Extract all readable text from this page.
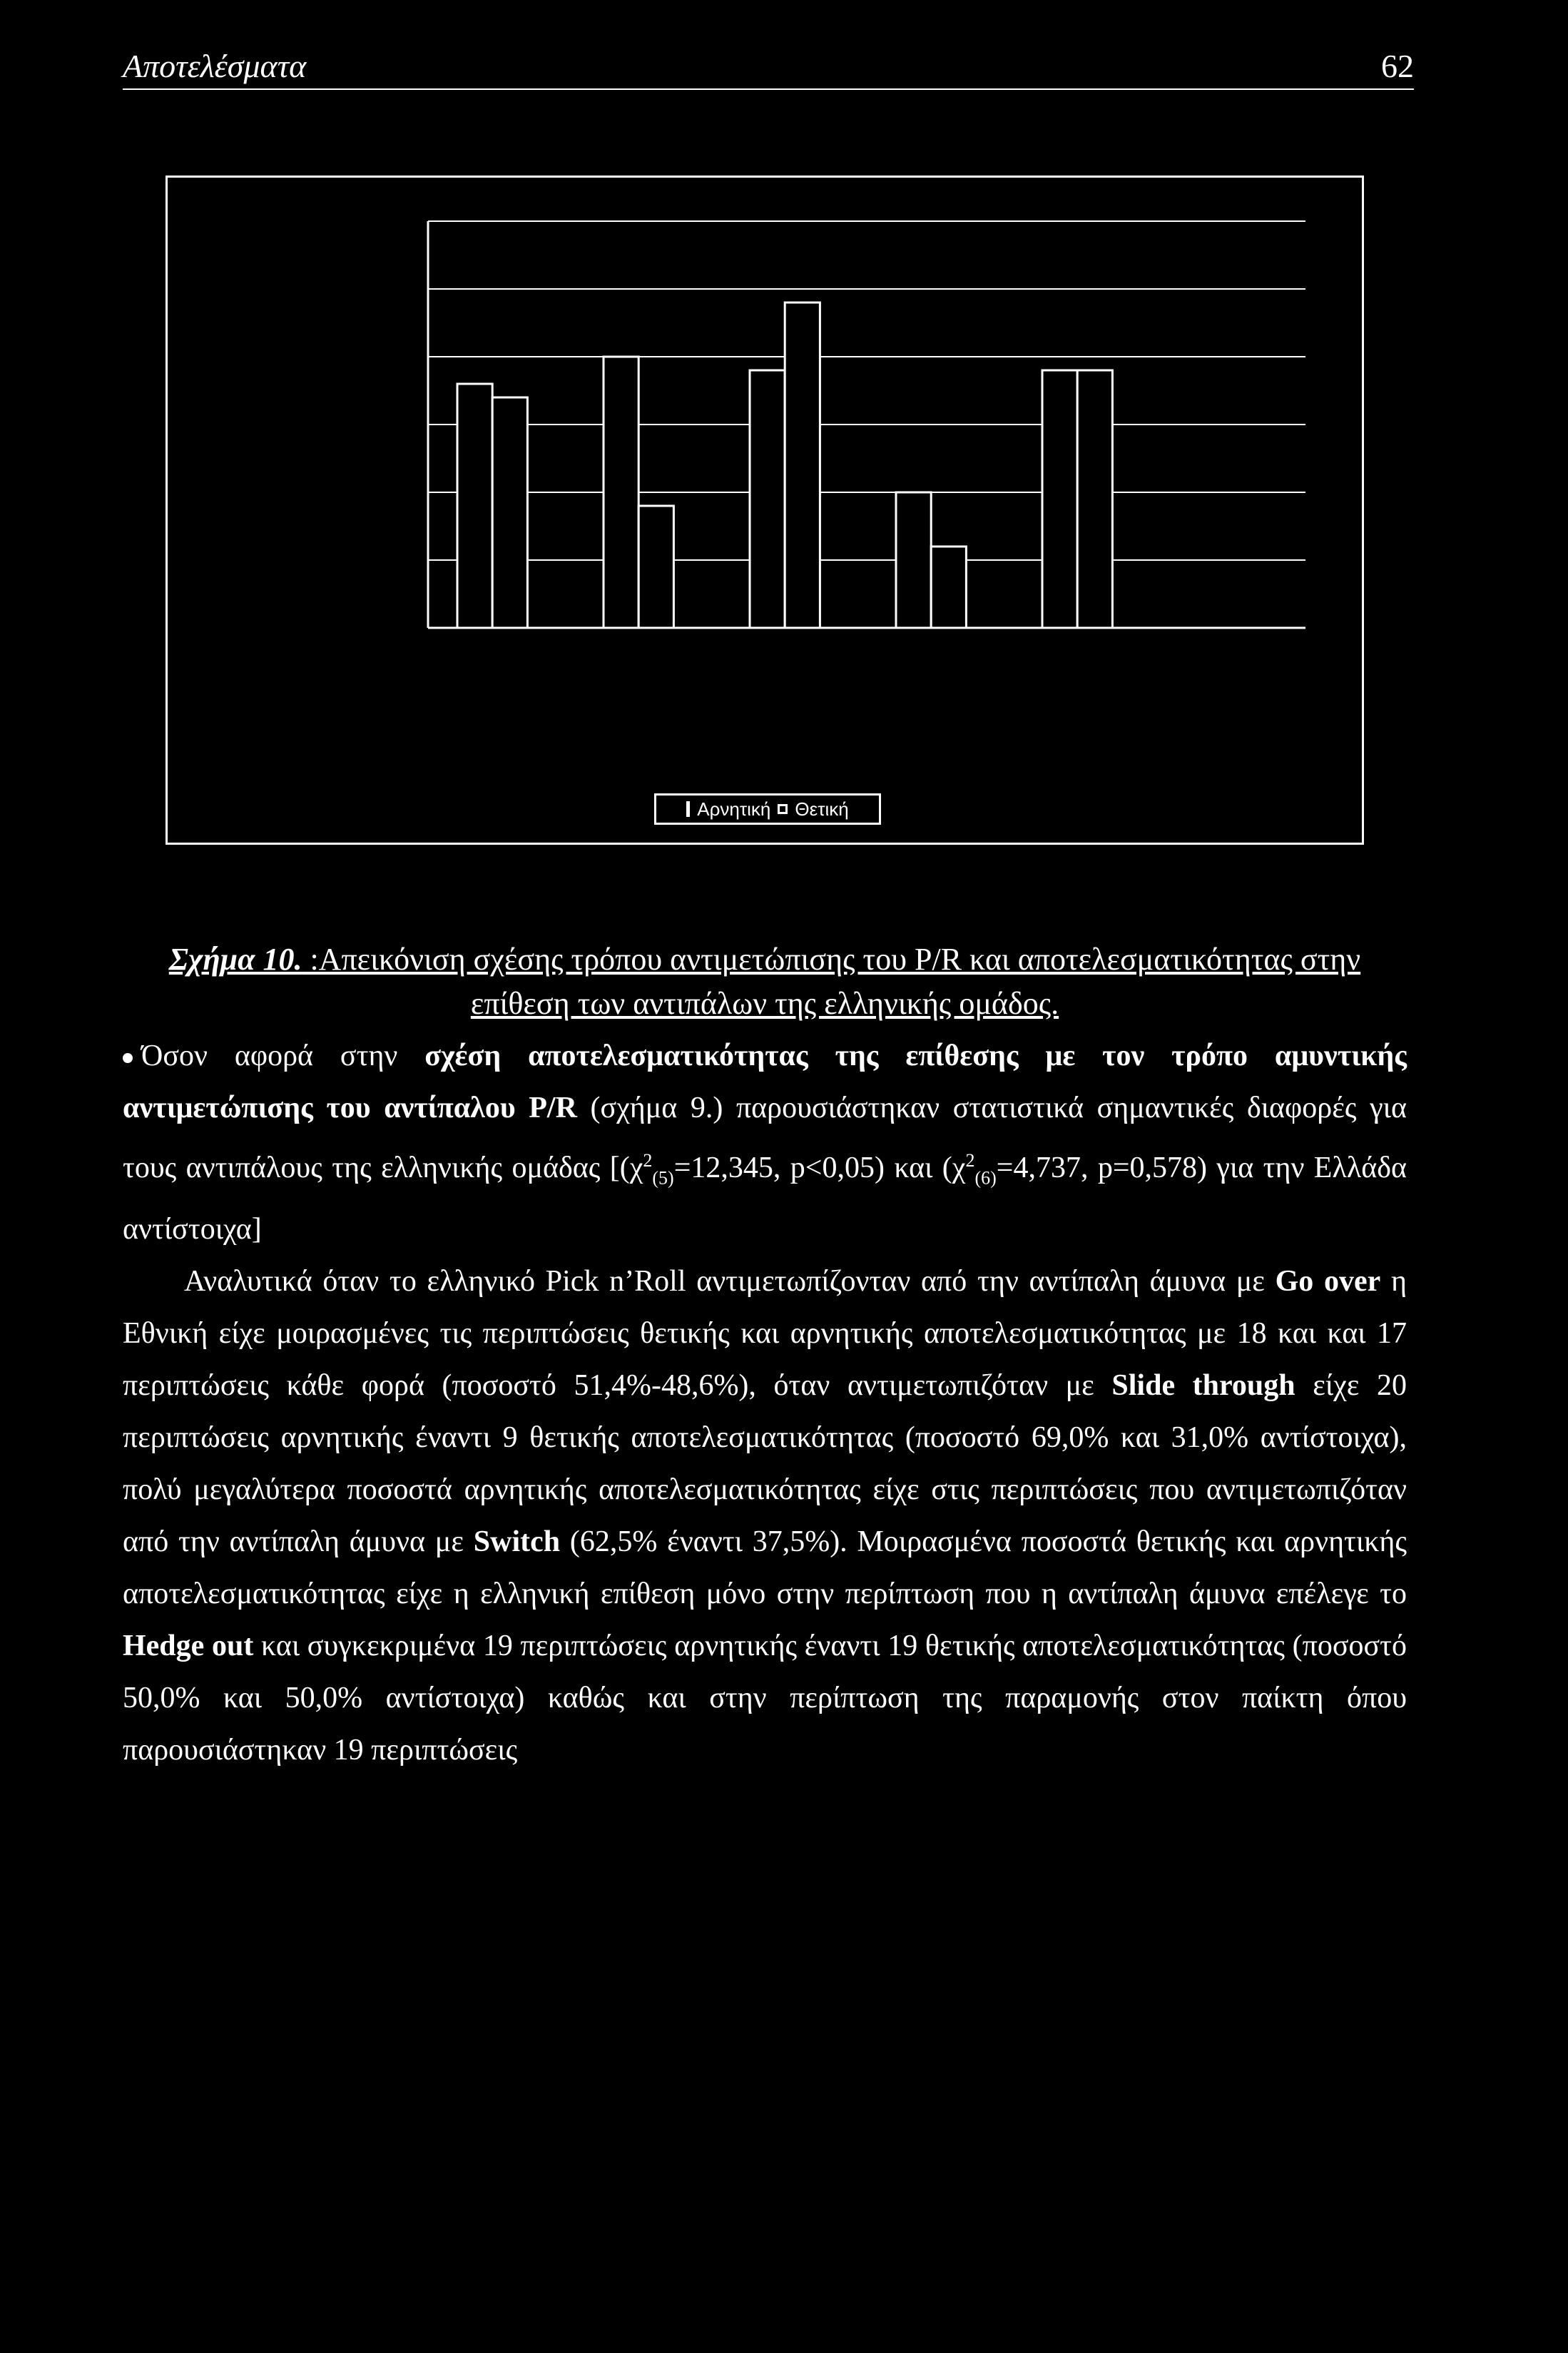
Αποτελέσματα	62
Αρνητική Θετική
Σχήμα 10. :Απεικόνιση σχέσης τρόπου αντιμετώπισης του P/R και αποτελεσματικότητας στην επίθεση των αντιπάλων της ελληνικής ομάδος.

Όσον αφορά στην σχέση αποτελεσματικότητας της επίθεσης με τον τρόπο αμυντικής αντιμετώπισης του αντίπαλου P/R (σχήμα 9.) παρουσιάστηκαν στατιστικά σημαντικές διαφορές για τους αντιπάλους της ελληνικής ομάδας [($\chi^2_{(5)}=12,345$, p<0,05) και ($\chi^2_{(6)}=4,737$, p=0,578) για την Ελλάδα αντίστοιχα]

Αναλυτικά όταν το ελληνικό Pick n’Roll αντιμετωπίζονταν από την αντίπαλη άμυνα με Go over η Εθνική είχε μοιρασμένες τις περιπτώσεις θετικής και αρνητικής αποτελεσματικότητας με 18 και και 17 περιπτώσεις κάθε φορά (ποσοστό 51,4%-48,6%), όταν αντιμετωπιζόταν με Slide through είχε 20 περιπτώσεις αρνητικής έναντι 9 θετικής αποτελεσματικότητας (ποσοστό 69,0% και 31,0% αντίστοιχα), πολύ μεγαλύτερα ποσοστά αρνητικής αποτελεσματικότητας είχε στις περιπτώσεις που αντιμετωπιζόταν από την αντίπαλη άμυνα με Switch (62,5% έναντι 37,5%). Μοιρασμένα ποσοστά θετικής και αρνητικής αποτελεσματικότητας είχε η ελληνική επίθεση μόνο στην περίπτωση που η αντίπαλη άμυνα επέλεγε το Hedge out και συγκεκριμένα 19 περιπτώσεις αρνητικής έναντι 19 θετικής αποτελεσματικότητας (ποσοστό 50,0% και 50,0% αντίστοιχα) καθώς και στην περίπτωση της παραμονής στον παίκτη όπου παρουσιάστηκαν 19 περιπτώσεις
